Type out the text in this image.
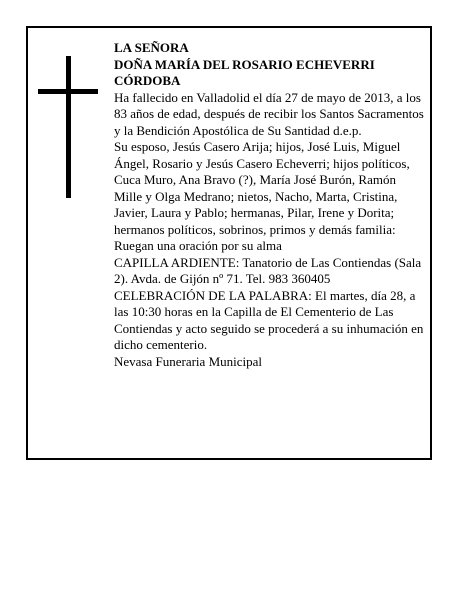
LA SEÑORA

DOÑA MARÍA DEL ROSARIO ECHEVERRI CÓRDOBA

Ha fallecido en Valladolid el día 27 de mayo de 2013, a los 83 años de edad, después de recibir los Santos Sacramentos y la Bendición Apostólica de Su Santidad d.e.p.

Su esposo, Jesús Casero Arija; hijos, José Luis, Miguel Ángel, Rosario y Jesús Casero Echeverri; hijos políticos, Cuca Muro, Ana Bravo (?), María José Burón, Ramón Mille y Olga Medrano; nietos, Nacho, Marta, Cristina, Javier, Laura y Pablo; hermanas, Pilar, Irene y Dorita; hermanos políticos, sobrinos, primos y demás familia:

Ruegan una oración por su alma

CAPILLA ARDIENTE: Tanatorio de Las Contiendas (Sala 2). Avda. de Gijón nº 71. Tel. 983 360405

CELEBRACIÓN DE LA PALABRA: El martes, día 28, a las 10:30 horas en la Capilla de El Cementerio de Las Contiendas y acto seguido se procederá a su inhumación en dicho cementerio.

Nevasa Funeraria Municipal
